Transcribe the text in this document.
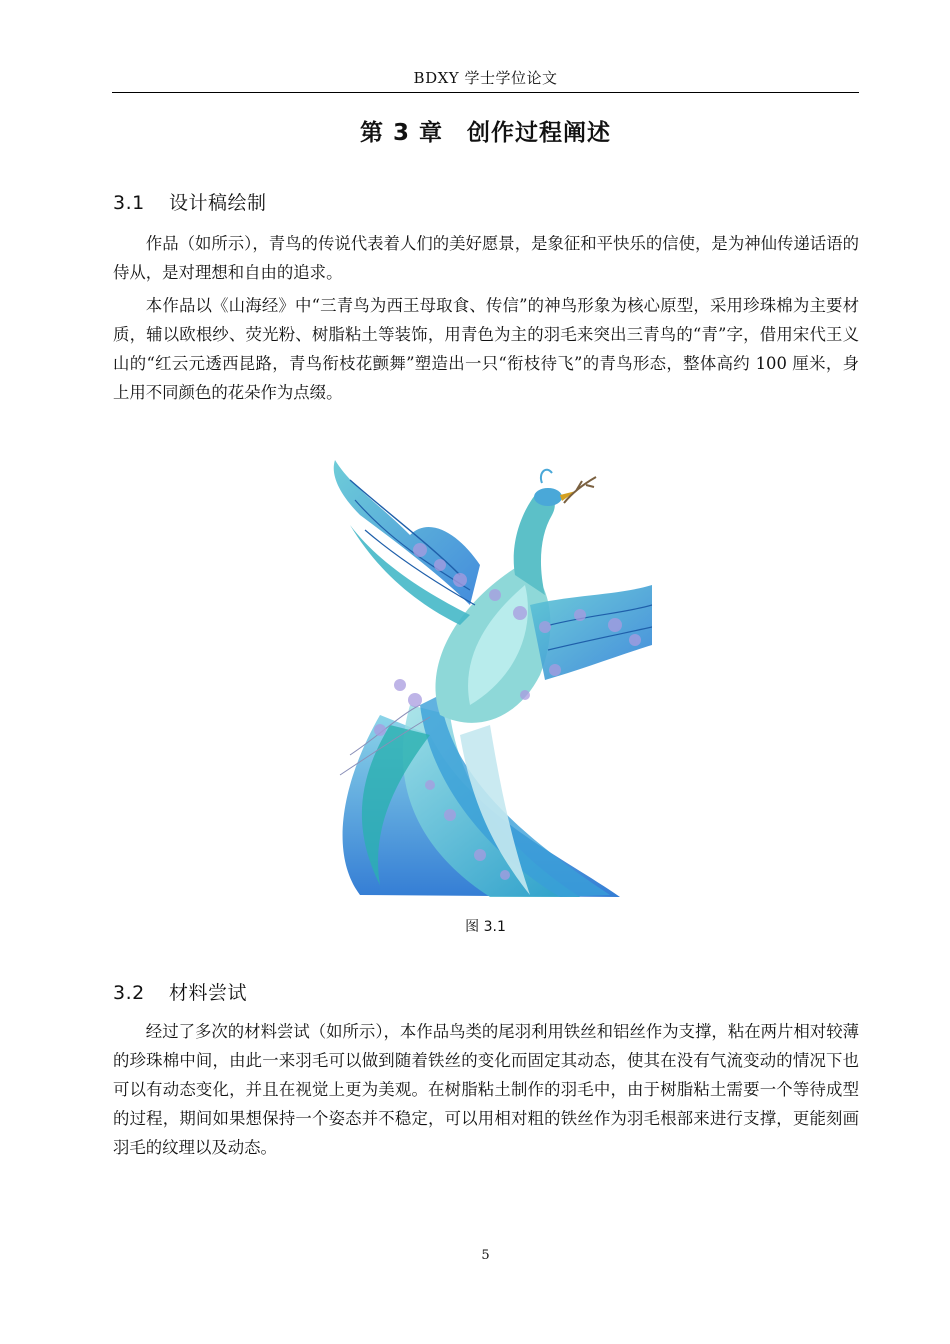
BDXY 学士学位论文
第 3 章　创作过程阐述
3.1 设计稿绘制

作品（如所示），青鸟的传说代表着人们的美好愿景，是象征和平快乐的信使，是为神仙传递话语的侍从，是对理想和自由的追求。

本作品以《山海经》中“三青鸟为西王母取食、传信”的神鸟形象为核心原型，采用珍珠棉为主要材质，辅以欧根纱、荧光粉、树脂粘土等装饰，用青色为主的羽毛来突出三青鸟的“青”字，借用宋代王义山的“红云元透西昆路，青鸟衔枝花颤舞”塑造出一只“衔枝待飞”的青鸟形态，整体高约 100 厘米，身上用不同颜色的花朵作为点缀。

图 3.1
3.2 材料尝试

经过了多次的材料尝试（如所示），本作品鸟类的尾羽利用铁丝和铝丝作为支撑，粘在两片相对较薄的珍珠棉中间，由此一来羽毛可以做到随着铁丝的变化而固定其动态，使其在没有气流变动的情况下也可以有动态变化，并且在视觉上更为美观。在树脂粘土制作的羽毛中，由于树脂粘土需要一个等待成型的过程，期间如果想保持一个姿态并不稳定，可以用相对粗的铁丝作为羽毛根部来进行支撑，更能刻画羽毛的纹理以及动态。

5
